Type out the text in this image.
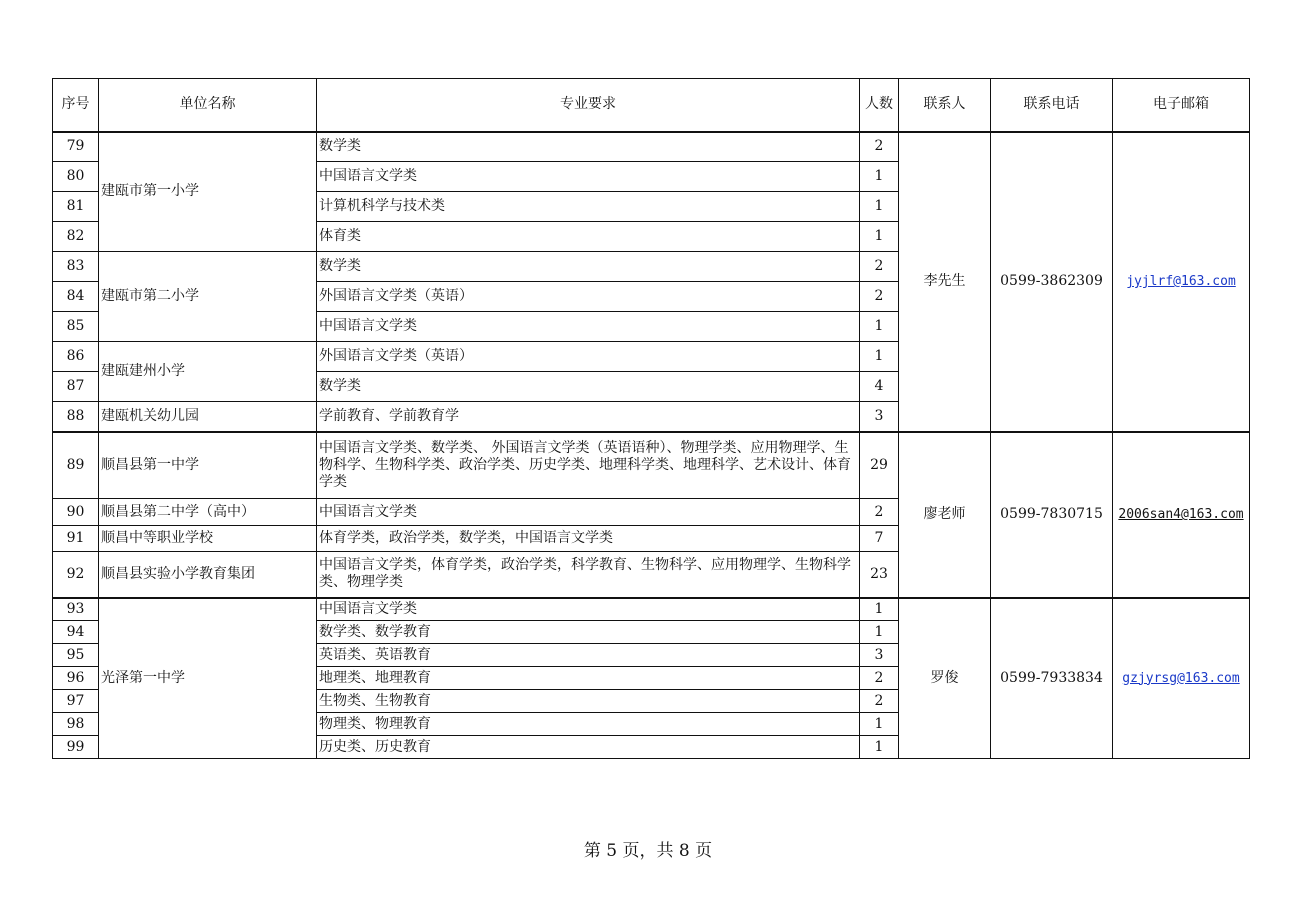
序号	单位名称	专业要求	人数	联系人	联系电话	电子邮箱
79	建瓯市第一小学	数学类	2	李先生	0599-3862309	jyjlrf@163.com
80		中国语言文学类	1			
81		计算机科学与技术类	1			
82		体育类	1			
83	建瓯市第二小学	数学类	2			
84		外国语言文学类（英语）	2			
85		中国语言文学类	1			
86	建瓯建州小学	外国语言文学类（英语）	1			
87		数学类	4			
88	建瓯机关幼儿园	学前教育、学前教育学	3			
89	顺昌县第一中学	中国语言文学类、数学类、 外国语言文学类（英语语种）、物理学类、应用物理学、生物科学、生物科学类、政治学类、历史学类、地理科学类、地理科学、艺术设计、体育学类	29	廖老师	0599-7830715	2006san4@163.com
90	顺昌县第二中学（高中）	中国语言文学类	2			
91	顺昌中等职业学校	体育学类，政治学类，数学类，中国语言文学类	7			
92	顺昌县实验小学教育集团	中国语言文学类，体育学类，政治学类，科学教育、生物科学、应用物理学、生物科学类、物理学类	23			
93	光泽第一中学	中国语言文学类	1	罗俊	0599-7933834	gzjyrsg@163.com
94		数学类、数学教育	1			
95		英语类、英语教育	3			
96		地理类、地理教育	2			
97		生物类、生物教育	2			
98		物理类、物理教育	1			
99		历史类、历史教育	1			
第 5 页，共 8 页
